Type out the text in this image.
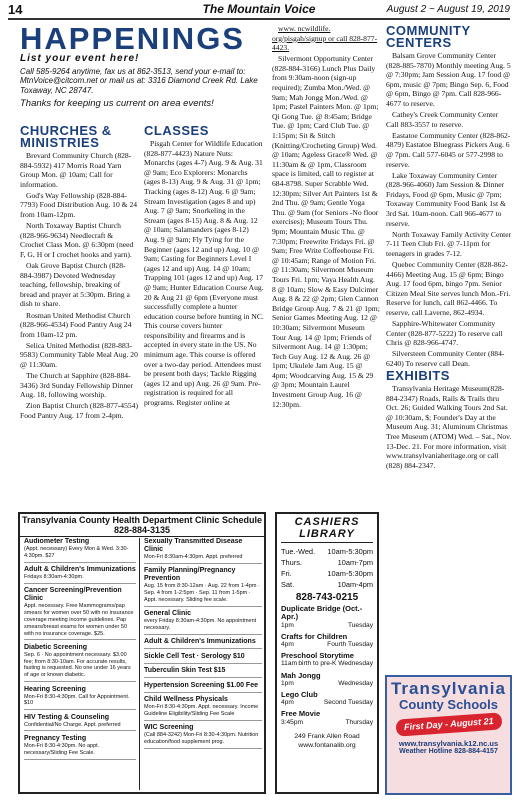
14	The Mountain Voice	August 2 ~ August 19, 2019
HAPPENINGS
List your event here!
Call 585-9264 anytime, fax us at 862-3513, send your e-mail to: MtnVoice@citcom.net or mail us at: 3316 Diamond Creek Rd. Lake Toxaway, NC 28747.
Thanks for keeping us current on area events!
CHURCHES & MINISTRIES

Brevard Community Church (828-884-5932) 417 Morris Road Yarn Group Mon. @ 10am; Call for information.

God's Way Fellowship (828-884-7793) Food Distribution Aug. 10 & 24 from 10am-12pm.

North Toxaway Baptist Church (828-966-9634) Needlecraft & Crochet Class Mon. @ 6:30pm (need F, G, H or I crochet hooks and yarn).

Oak Grove Baptist Church (828-884-3987) Devoted Wednesday teaching, fellowship, breaking of bread and prayer at 5:30pm. Bring a dish to share.

Rosman United Methodist Church (828-966-4534) Food Pantry Aug 24 from 10am-12 pm.

Selica United Methodist (828-883-9583) Community Table Meal Aug. 20 @ 11:30am.

The Church at Sapphire (828-884-3436) 3rd Sunday Fellowship Dinner Aug. 18, following worship.

Zion Baptist Church (828-877-4554) Food Pantry Aug. 17 from 2-4pm.

CLASSES

Pisgah Center for Wildlife Education (828-877-4423) Nature Nuts: Monarchs (ages 4-7) Aug. 9 & Aug. 31 @ 9am; Eco Explorers: Monarchs (ages 8-13) Aug. 9 & Aug. 31 @ 1pm; Tracking (ages 8-12) Aug. 6 @ 9am; Stream Investigation (ages 8 and up) Aug. 7 @ 9am; Snorkeling in the Stream (ages 8-15) Aug. 8 & Aug. 12 @ 10am; Salamanders (ages 8-12) Aug. 9 @ 9am; Fly Tying for the Beginner (ages 12 and up) Aug. 10 @ 9am; Casting for Beginners Level I (ages 12 and up) Aug. 14 @ 10am; Trapping 101 (ages 12 and up) Aug. 17 @ 9am; Hunter Education Course Aug. 20 & Aug 21 @ 6pm (Everyone must successfully complete a hunter education course before hunting in NC. This course covers hunter responsibility and firearms and is accepted in every state in the US. No minimum age. This course is offered over a two-day period. Attendees must be present both days; Tackle Rigging (ages 12 and up) Aug. 26 @ 9am. Pre-registration is required for all programs. Register online at

www. ncwildlife. org/pisgah/signup or call 828-877-4423.

Silvermont Opportunity Center (828-884-3166) Lunch Plus Daily from 9:30am-noon (sign-up required); Zumba Mon./Wed. @ 9am; Mah Jongg Mon./Wed. @ 1pm; Pastel Painters Mon. @ 1pm; Qi Gong Tue. @ 8:45am; Bridge Tue. @ 1pm; Card Club Tue. @ 1:15pm; Sit & Stitch (Knitting/Crocheting Group) Wed. @ 10am; Ageless Grace® Wed. @ 11:30am & @ 1pm, Classroom space is limited, call to register at 684-8798. Super Scrabble Wed. 12:30pm; Silver Art Painters 1st & 2nd Thu. @ 9am; Gentle Yoga Thu. @ 9am (for Seniors -No floor exercises); Museum Tours Thu. 9pm; Mountain Music Thu. @ 7:30pm; Freewrite Fridays Fri. @ 9am; Free Write Coffeehouse Fri. @ 10:45am; Range of Motion Fri. @ 11:30am; Silvermont Museum Tours Fri. 1pm; Vaya Health Aug. 8 @ 10am; Slow & Easy Dulcimer Aug. 8 & 22 @ 2pm; Glen Cannon Bridge Group Aug. 7 & 21 @ 1pm; Senior Games Meeting Aug. 12 @ 10:30am; Silvermont Museum Tour Aug. 14 @ 1pm; Friends of Silvermont Aug. 14 @ 1:30pm; Tech Guy Aug. 12 & Aug. 26 @ 1pm; Ukulele Jam Aug. 15 @ 4pm; Woodcarving Aug. 15 & 29 @ 3pm; Mountain Laurel Investment Group Aug. 16 @ 12:30pm.

COMMUNITY CENTERS

Balsam Grove Community Center (828-885-7870) Monthly meeting Aug. 5 @ 7:30pm; Jam Session Aug. 17 food @ 6pm, music @ 7pm; Bingo Sep. 6, Food @ 6pm, Bingo @ 7pm. Call 828-966-4677 to reserve.

Cathey's Creek Community Center Call 883-3557 to reserve.

Eastatoe Community Center (828-862-4879) Eastatoe Bluegrass Pickers Aug. 6 @ 7pm. Call 577-6045 or 577-2998 to reserve.

Lake Toxaway Community Center (828-966-4060) Jam Session & Dinner Fridays, Food @ 6pm, Music @ 7pm; Toxaway Community Food Bank 1st & 3rd Sat. 10am-noon. Call 966-4677 to reserve.

North Toxaway Family Activity Center 7-11 Teen Club Fri. @ 7-11pm for teenagers in grades 7-12.

Quebec Community Center (828-862-4466) Meeting Aug. 15 @ 6pm; Bingo Aug. 17 food 6pm, bingo 7pm. Senior Citizen Meal Site serves lunch Mon.-Fri. Reserve for lunch, call 862-4466. To reserve, call Laverne, 862-4934.

Sapphire-Whitewater Community Center (828-877-5222) To reserve call Chris @ 828-966-4747.

Silversteen Community Center (884-6240) To reserve call Dean.

EXHIBITS

Transylvania Heritage Museum(828-884-2347) Roads, Rails & Trails thru Oct. 26; Guided Walking Tours 2nd Sat. @ 10:30am, $; Founder's Day at the Museum Aug. 31; Aluminum Christmas Tree Museum (ATOM) Wed. – Sat., Nov. 13-Dec. 21. For more information, visit www.transylvaniaheritage.org or call (828) 884-2347.

Transylvania County Health Department Clinic Schedule 828-884-3135
Audiometer Testing
(Appt. necessary) Every Mon & Wed. 3:30-4:30pm. $27
Adult & Children's Immunizations
Fridays 8:30am-4:30pm.
Cancer Screening/Prevention Clinic
Appt. necessary. Free Mammograms/pap smears for women over 50 with no insurance coverage meeting income guidelines. Pap smears/breast exams for women under 50 with no insurance coverage. $25.
Diabetic Screening
Sep. 6 · No appointment necessary. $3.00 fee; from 8:30-10am. For accurate results, fasting is requested. No one under 16 years of age or known diabetic.
Hearing Screening
Mon-Fri 8:30-4:30pm. Call for Appointment. $10
HIV Testing & Counseling
Confidential/No Charge. Appt. preferred
Pregnancy Testing
Mon-Fri 8:30-4:30pm. No appt. necessary/Sliding Fee Scale.
Sexually Transmitted Disease Clinic
Mon-Fri 8:30am-4:30pm. Appt. preferred
Family Planning/Pregnancy Prevention
Aug. 15 from 8:30-12am · Aug. 22 from 1-4pm · Sep. 4 from 1-2:5pm · Sep. 11 from 1-5pm · Appt. necessary. Sliding fee scale.
General Clinic
every Friday 8:30am-4:30pm. No appointment necessary.
Adult & Children's Immunizations
Sickle Cell Test · Serology $10
Tuberculin Skin Test $15
Hypertension Screening $1.00 Fee
Child Wellness Physicals
Mon-Fri 8:30-4:30pm. Appt. necessary. Income Guideline Eligibility/Sliding Fee Scale
WIC Screening
(Call 884-3242) Mon-Fri 8:30-4:30pm. Nutrition education/food supplement prog.
CASHIERS LIBRARY
Tue.-Wed. 10am-5:30pm
Thurs.	10am-7pm
Fri.	10am-5:30pm
Sat.	10am-4pm
828-743-0215
Duplicate Bridge (Oct.-Apr.)
1pm	Tuesday
Crafts for Children
4pm	Fourth Tuesday
Preschool Storytime
11am birth to pre-K Wednesday
Mah Jongg
1pm	Wednesday
Lego Club
4pm	Second Tuesday
Free Movie
3:45pm	Thursday
249 Frank Allen Road
www.fontanalib.org
Transylvania
County Schools
First Day - August 21
www.transylvania.k12.nc.us
Weather Hotline 828-884-4157
